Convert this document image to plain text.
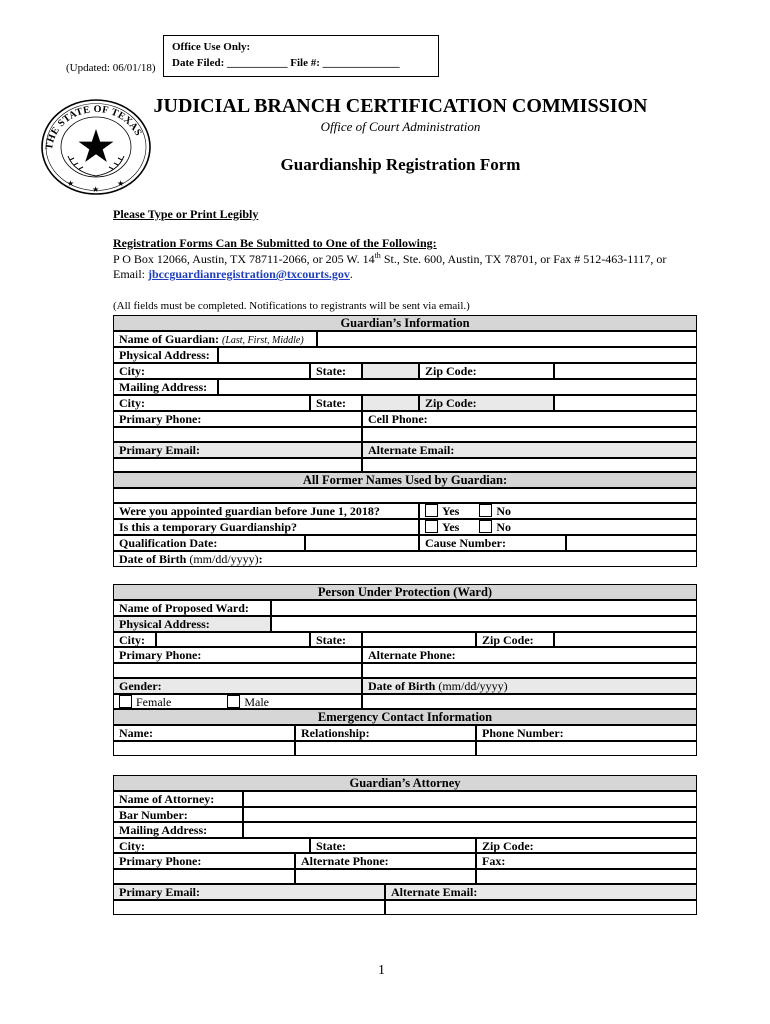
(Updated: 06/01/18)
Office Use Only:
Date Filed: ___________ File #: ______________
THE STATE OF TEXAS
★	★
★
JUDICIAL BRANCH CERTIFICATION COMMISSION
Office of Court Administration
Guardianship Registration Form
Please Type or Print Legibly
Registration Forms Can Be Submitted to One of the Following:
P O Box 12066, Austin, TX 78711-2066, or 205 W. 14th St., Ste. 600, Austin, TX 78701, or Fax # 512-463-1117, or
Email: jbccguardianregistration@txcourts.gov.
(All fields must be completed. Notifications to registrants will be sent via email.)
Guardian’s Information
Name of Guardian: (Last, First, Middle)
Physical Address:
City:	State:	Zip Code:
Mailing Address:
City:	State:	Zip Code:
Primary Phone:	Cell Phone:
Primary Email:	Alternate Email:
All Former Names Used by Guardian:
Were you appointed guardian before June 1, 2018?	Yes	No
Is this a temporary Guardianship?	Yes	No
Qualification Date:	Cause Number:
Date of Birth (mm/dd/yyyy):
Person Under Protection (Ward)
Name of Proposed Ward:
Physical Address:
City:	State:	Zip Code:
Primary Phone:	Alternate Phone:
Gender:	Date of Birth (mm/dd/yyyy)
Female	Male
Emergency Contact Information
Name:	Relationship:	Phone Number:
Guardian’s Attorney
Name of Attorney:
Bar Number:
Mailing Address:
City:	State:	Zip Code:
Primary Phone:	Alternate Phone:	Fax:
Primary Email:	Alternate Email:
1
